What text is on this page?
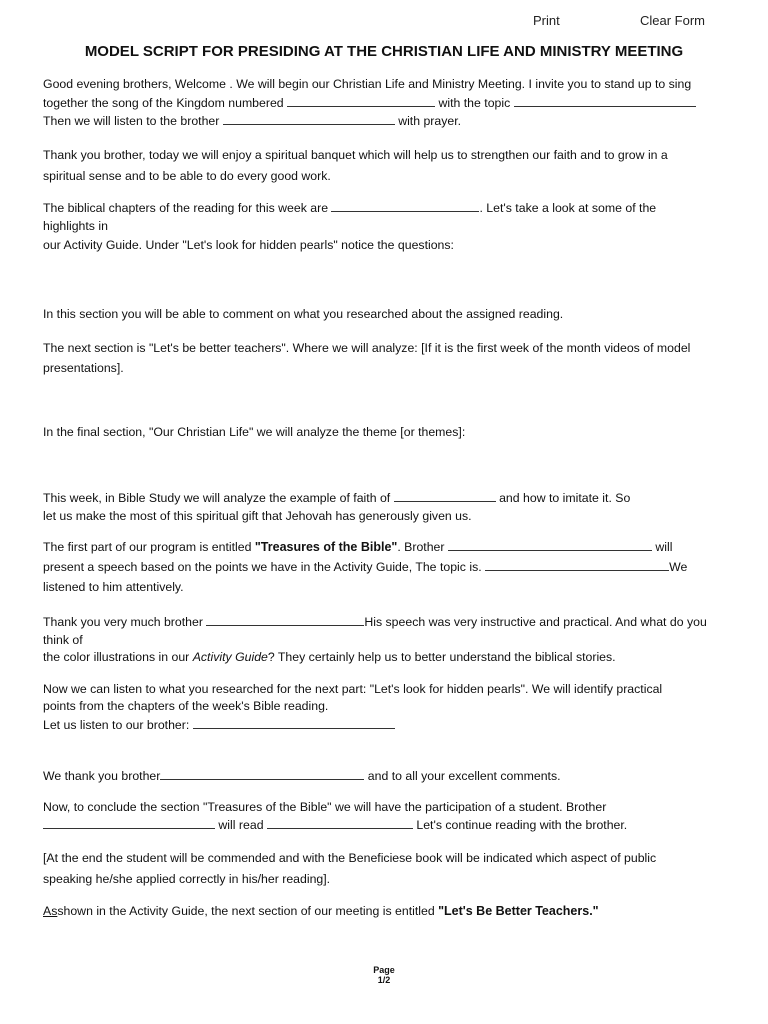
Print	Clear Form
MODEL SCRIPT FOR PRESIDING AT THE CHRISTIAN LIFE AND MINISTRY MEETING

Good evening brothers, Welcome . We will begin our Christian Life and Ministry Meeting. I invite you to stand up to sing
together the song of the Kingdom numbered	with the topic
Then we will listen to the brother	with prayer.

Thank you brother, today we will enjoy a spiritual banquet which will help us to strengthen our faith and to grow in a
spiritual sense and to be able to do every good work.

The biblical chapters of the reading for this week are	. Let's take a look at some of the
highlights in
our Activity Guide. Under "Let's look for hidden pearls" notice the questions:

In this section you will be able to comment on what you researched about the assigned reading.

The next section is "Let's be better teachers". Where we will analyze: [If it is the first week of the month videos of model
presentations].

In the final section, "Our Christian Life" we will analyze the theme [or themes]:

This week, in Bible Study we will analyze the example of faith of	and how to imitate it. So
let us make the most of this spiritual gift that Jehovah has generously given us.

The first part of our program is entitled "Treasures of the Bible". Brother	will
present a speech based on the points we have in the Activity Guide, The topic is.	We
listened to him attentively.

Thank you very much brother	His speech was very instructive and practical. And what do you
think of
the color illustrations in our Activity Guide? They certainly help us to better understand the biblical stories.

Now we can listen to what you researched for the next part: "Let's look for hidden pearls". We will identify practical
points from the chapters of the week's Bible reading.
Let us listen to our brother:

We thank you brother	and to all your excellent comments.

Now, to conclude the section "Treasures of the Bible" we will have the participation of a student. Brother
will read	Let's continue reading with the brother.

[At the end the student will be commended and with the Beneficiese book will be indicated which aspect of public
speaking he/she applied correctly in his/her reading].

Asshown in the Activity Guide, the next section of our meeting is entitled "Let's Be Better Teachers."

Page
1/2
